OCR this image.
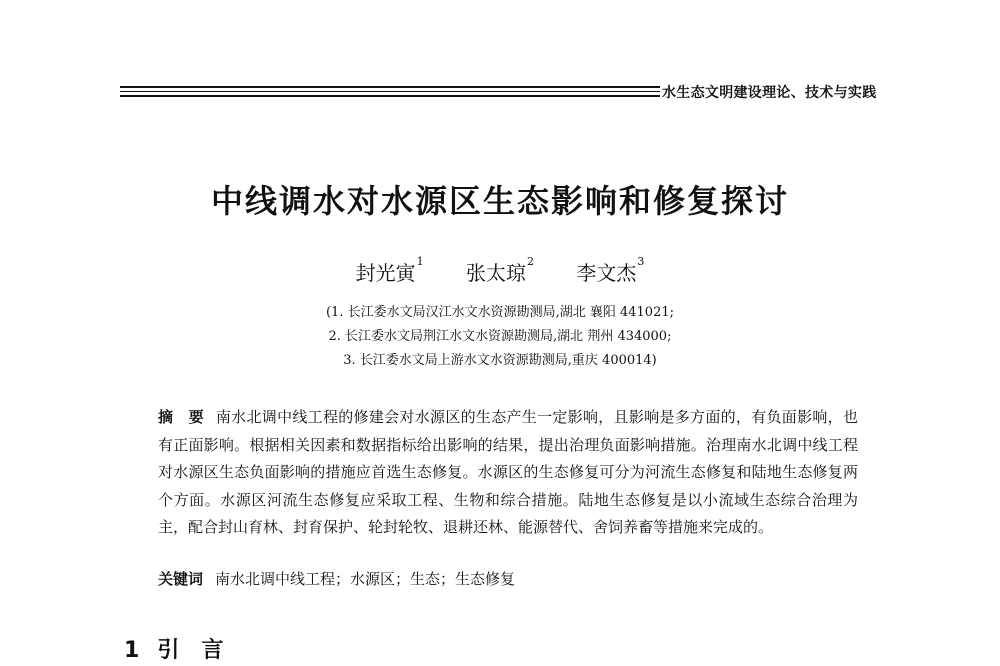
水生态文明建设理论、技术与实践
中线调水对水源区生态影响和修复探讨
封光寅$^1$ 张太琼$^2$ 李文杰$^3$
(1. 长江委水文局汉江水文水资源勘测局,湖北 襄阳 441021;
2. 长江委水文局荆江水文水资源勘测局,湖北 荆州 434000;
3. 长江委水文局上游水文水资源勘测局,重庆 400014)
摘　要 南水北调中线工程的修建会对水源区的生态产生一定影响，且影响是多方面的，有负面影响，也有正面影响。根据相关因素和数据指标给出影响的结果，提出治理负面影响措施。治理南水北调中线工程对水源区生态负面影响的措施应首选生态修复。水源区的生态修复可分为河流生态修复和陆地生态修复两个方面。水源区河流生态修复应采取工程、生物和综合措施。陆地生态修复是以小流域生态综合治理为主，配合封山育林、封育保护、轮封轮牧、退耕还林、能源替代、舍饲养畜等措施来完成的。
关键词 南水北调中线工程；水源区；生态；生态修复
1 引　言
